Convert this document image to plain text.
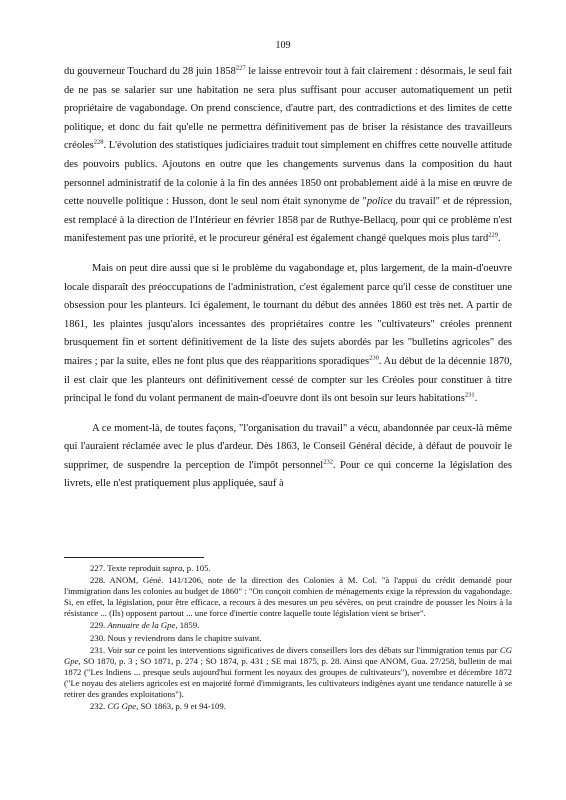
109

du gouverneur Touchard du 28 juin 1858$^{227}$ le laisse entrevoir tout à fait clairement : désormais, le seul fait de ne pas se salarier sur une habitation ne sera plus suffisant pour accuser automatiquement un petit propriétaire de vagabondage. On prend conscience, d'autre part, des contradictions et des limites de cette politique, et donc du fait qu'elle ne permettra définitivement pas de briser la résistance des travailleurs créoles$^{228}$. L'évolution des statistiques judiciaires traduit tout simplement en chiffres cette nouvelle attitude des pouvoirs publics. Ajoutons en outre que les changements survenus dans la composition du haut personnel administratif de la colonie à la fin des années 1850 ont probablement aidé à la mise en œuvre de cette nouvelle politique : Husson, dont le seul nom était synonyme de "police du travail" et de répression, est remplacé à la direction de l'Intérieur en février 1858 par de Ruthye-Bellacq, pour qui ce problème n'est manifestement pas une priorité, et le procureur général est également changé quelques mois plus tard$^{229}$.

Mais on peut dire aussi que si le problème du vagabondage et, plus largement, de la main-d'oeuvre locale disparaît des préoccupations de l'administration, c'est également parce qu'il cesse de constituer une obsession pour les planteurs. Ici également, le tournant du début des années 1860 est très net. A partir de 1861, les plaintes jusqu'alors incessantes des propriétaires contre les "cultivateurs" créoles prennent brusquement fin et sortent définitivement de la liste des sujets abordés par les "bulletins agricoles" des maires ; par la suite, elles ne font plus que des réapparitions sporadiques$^{230}$. Au début de la décennie 1870, il est clair que les planteurs ont définitivement cessé de compter sur les Créoles pour constituer à titre principal le fond du volant permanent de main-d'oeuvre dont ils ont besoin sur leurs habitations$^{231}$.

A ce moment-là, de toutes façons, "l'organisation du travail" a vécu, abandonnée par ceux-là même qui l'auraient réclamée avec le plus d'ardeur. Dès 1863, le Conseil Général décide, à défaut de pouvoir le supprimer, de suspendre la perception de l'impôt personnel$^{232}$. Pour ce qui concerne la législation des livrets, elle n'est pratiquement plus appliquée, sauf à

227. Texte reproduit supra, p. 105.

228. ANOM, Géné. 141/1206, note de la direction des Colonies à M. Col. "à l'appui du crédit demandé pour l'immigration dans les colonies au budget de 1860" : "On conçoit combien de ménagements exige la répression du vagabondage. Si, en effet, la législation, pour être efficace, a recours à des mesures un peu sévères, on peut craindre de pousser les Noirs à la résistance ... (Ils) opposent partout ... une force d'inertie contre laquelle toute législation vient se briser".

229. Annuaire de la Gpe, 1859.

230. Nous y reviendrons dans le chapitre suivant.

231. Voir sur ce point les interventions significatives de divers conseillers lors des débats sur l'immigration tenus par CG Gpe, SO 1870, p. 3 ; SO 1871, p. 274 ; SO 1874, p. 431 ; SE mai 1875, p. 28. Ainsi que ANOM, Gua. 27/258, bulletin de mai 1872 ("Les Indiens ... presque seuls aujourd'hui forment les noyaux des groupes de cultivateurs"), novembre et décembre 1872 ("Le noyau des ateliers agricoles est en majorité formé d'immigrants, les cultivateurs indigènes ayant une tendance naturelle à se retirer des grandes exploitations").

232. CG Gpe, SO 1863, p. 9 et 94-109.
